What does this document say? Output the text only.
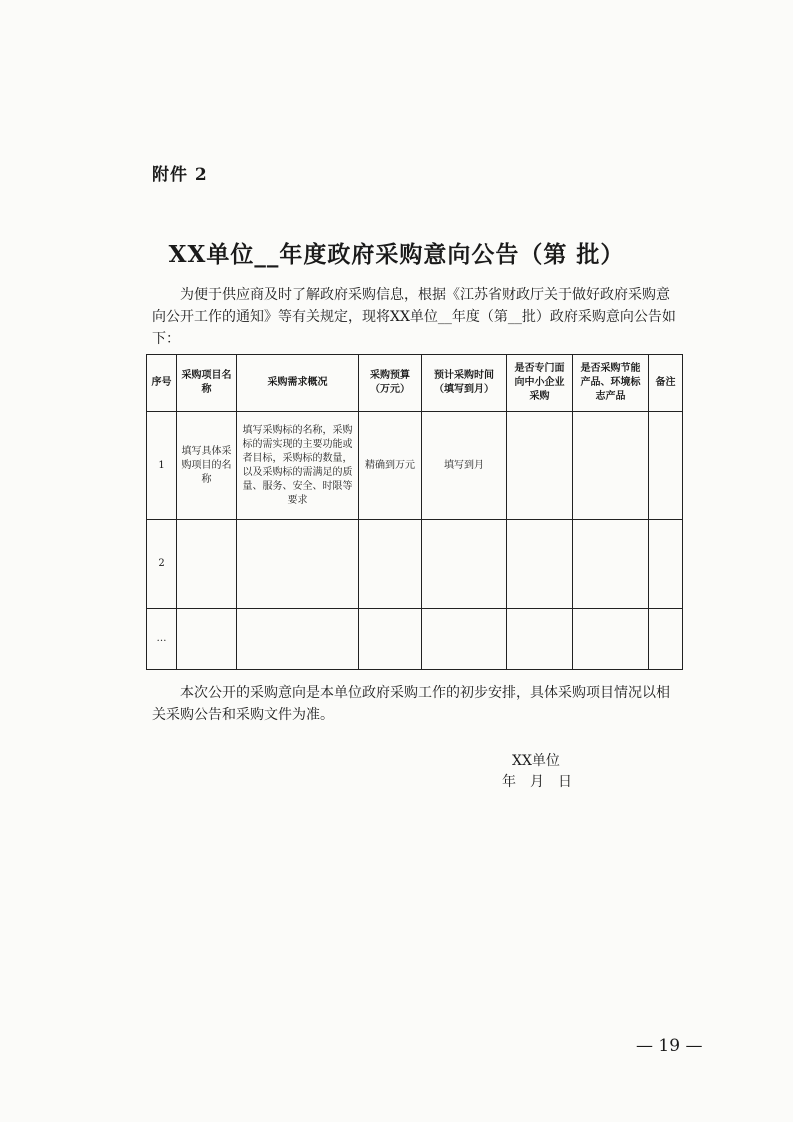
附件 2
XX单位__年度政府采购意向公告（第 批）

为便于供应商及时了解政府采购信息，根据《江苏省财政厅关于做好政府采购意向公开工作的通知》等有关规定，现将XX单位__年度（第__批）政府采购意向公告如下：

序号	采购项目名称	采购需求概况	采购预算（万元）	预计采购时间（填写到月）	是否专门面向中小企业采购	是否采购节能产品、环境标志产品	备注
1	填写具体采购项目的名称	填写采购标的名称，采购标的需实现的主要功能或者目标，采购标的数量，以及采购标的需满足的质量、服务、安全、时限等要求	精确到万元	填写到月			
2							
…							

本次公开的采购意向是本单位政府采购工作的初步安排，具体采购项目情况以相关采购公告和采购文件为准。

XX单位
年　月　日
— 19 —
